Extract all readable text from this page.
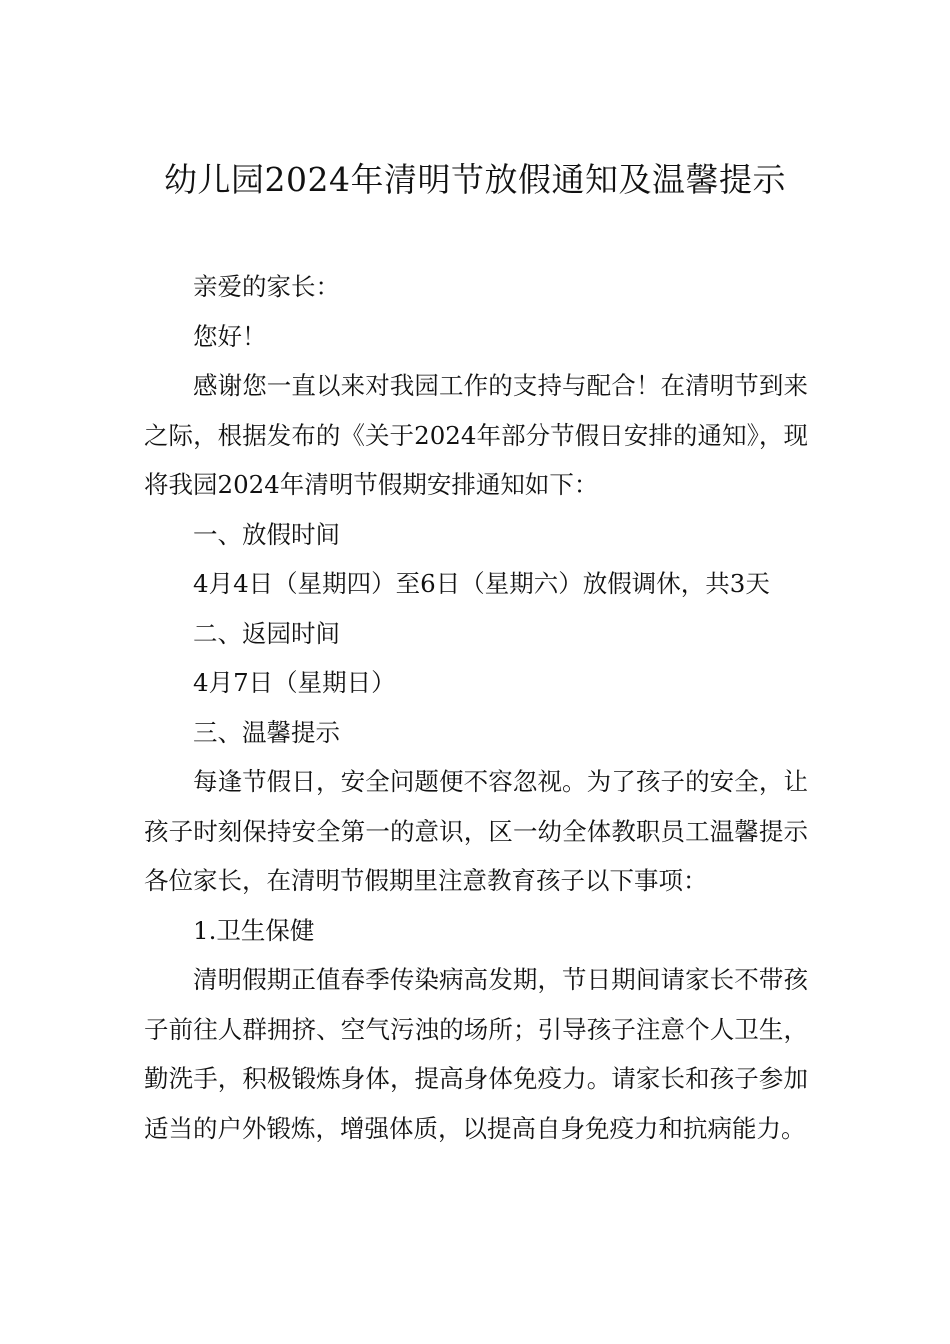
幼儿园2024年清明节放假通知及温馨提示

亲爱的家长：

您好！

感谢您一直以来对我园工作的支持与配合！在清明节到来之际，根据发布的《关于2024年部分节假日安排的通知》，现将我园2024年清明节假期安排通知如下：

一、放假时间

4月4日（星期四）至6日（星期六）放假调休，共3天

二、返园时间

4月7日（星期日）

三、温馨提示

每逢节假日，安全问题便不容忽视。为了孩子的安全，让孩子时刻保持安全第一的意识，区一幼全体教职员工温馨提示各位家长，在清明节假期里注意教育孩子以下事项：

1.卫生保健

清明假期正值春季传染病高发期，节日期间请家长不带孩子前往人群拥挤、空气污浊的场所；引导孩子注意个人卫生，勤洗手，积极锻炼身体，提高身体免疫力。请家长和孩子参加适当的户外锻炼，增强体质，以提高自身免疫力和抗病能力。
